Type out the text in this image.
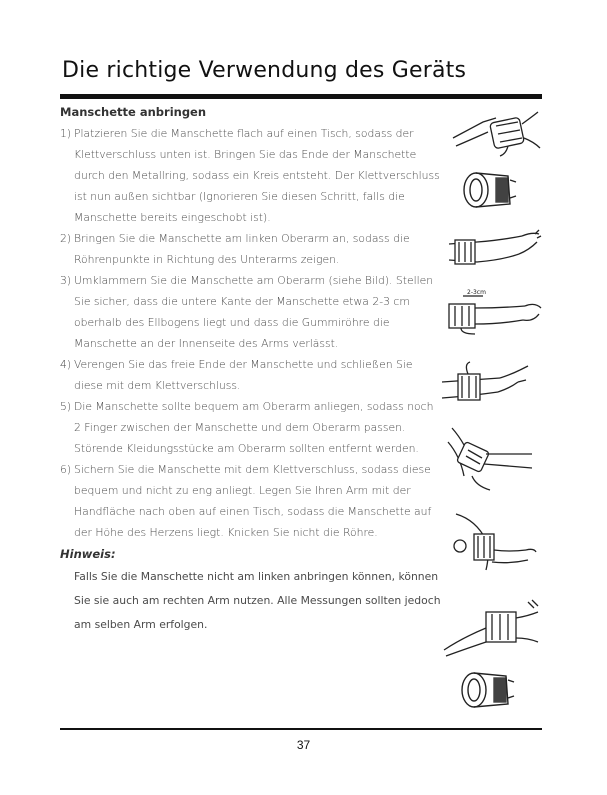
Die richtige Verwendung des Geräts
Manschette anbringen
1) Platzieren Sie die Manschette flach auf einen Tisch, sodass der Klettverschluss unten ist. Bringen Sie das Ende der Manschette durch den Metallring, sodass ein Kreis entsteht. Der Klettverschluss ist nun außen sichtbar (Ignorieren Sie diesen Schritt, falls die Manschette bereits eingeschobt ist).
2) Bringen Sie die Manschette am linken Oberarm an, sodass die Röhrenpunkte in Richtung des Unterarms zeigen.
3) Umklammern Sie die Manschette am Oberarm (siehe Bild). Stellen Sie sicher, dass die untere Kante der Manschette etwa 2-3 cm oberhalb des Ellbogens liegt und dass die Gummiröhre die Manschette an der Innenseite des Arms verlässt.
4) Verengen Sie das freie Ende der Manschette und schließen Sie diese mit dem Klettverschluss.
5) Die Manschette sollte bequem am Oberarm anliegen, sodass noch 2 Finger zwischen der Manschette und dem Oberarm passen. Störende Kleidungsstücke am Oberarm sollten entfernt werden.
6) Sichern Sie die Manschette mit dem Klettverschluss, sodass diese bequem und nicht zu eng anliegt. Legen Sie Ihren Arm mit der Handfläche nach oben auf einen Tisch, sodass die Manschette auf der Höhe des Herzens liegt. Knicken Sie nicht die Röhre.
Hinweis:
Falls Sie die Manschette nicht am linken anbringen können, können Sie sie auch am rechten Arm nutzen. Alle Messungen sollten jedoch am selben Arm erfolgen.
2-3cm
37
